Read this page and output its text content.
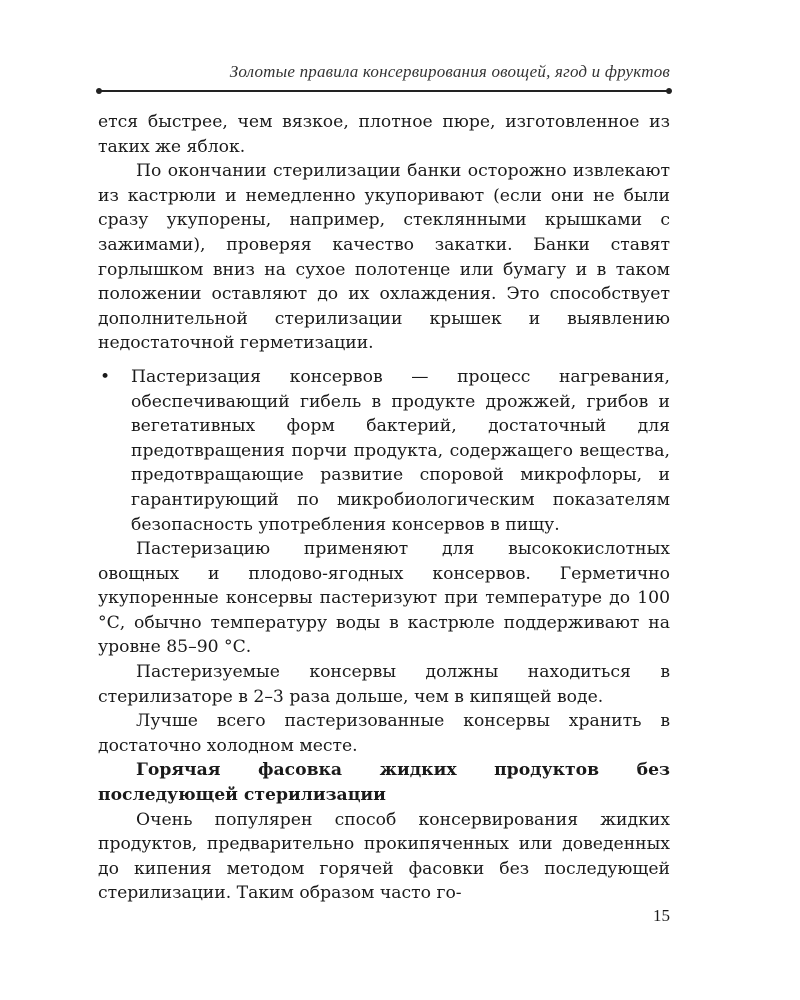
Золотые правила консервирования овощей, ягод и фруктов

ется быстрее, чем вязкое, плотное пюре, изготовленное из таких же яблок.

По окончании стерилизации банки осторожно извлекают из кастрюли и немедленно укупоривают (если они не были сразу укупорены, например, стеклянными крышками с зажимами), проверяя качество закатки. Банки ставят горлышком вниз на сухое полотенце или бумагу и в таком положении оставляют до их охлаждения. Это способствует дополнительной стерилизации крышек и выявлению недостаточной герметизации.

• Пастеризация консервов — процесс нагревания, обеспечивающий гибель в продукте дрожжей, грибов и вегетативных форм бактерий, достаточный для предотвращения порчи продукта, содержащего вещества, предотвращающие развитие споровой микрофлоры, и гарантирующий по микробиологическим показателям безопасность употребления консервов в пищу.

Пастеризацию применяют для высококислотных овощных и плодово-ягодных консервов. Герметично укупоренные консервы пастеризуют при температуре до 100 °С, обычно температуру воды в кастрюле поддерживают на уровне 85–90 °С.

Пастеризуемые консервы должны находиться в стерилизаторе в 2–3 раза дольше, чем в кипящей воде.

Лучше всего пастеризованные консервы хранить в достаточно холодном месте.

Горячая фасовка жидких продуктов без последующей стерилизации

Очень популярен способ консервирования жидких продуктов, предварительно прокипяченных или доведенных до кипения методом горячей фасовки без последующей стерилизации. Таким образом часто го-

15
